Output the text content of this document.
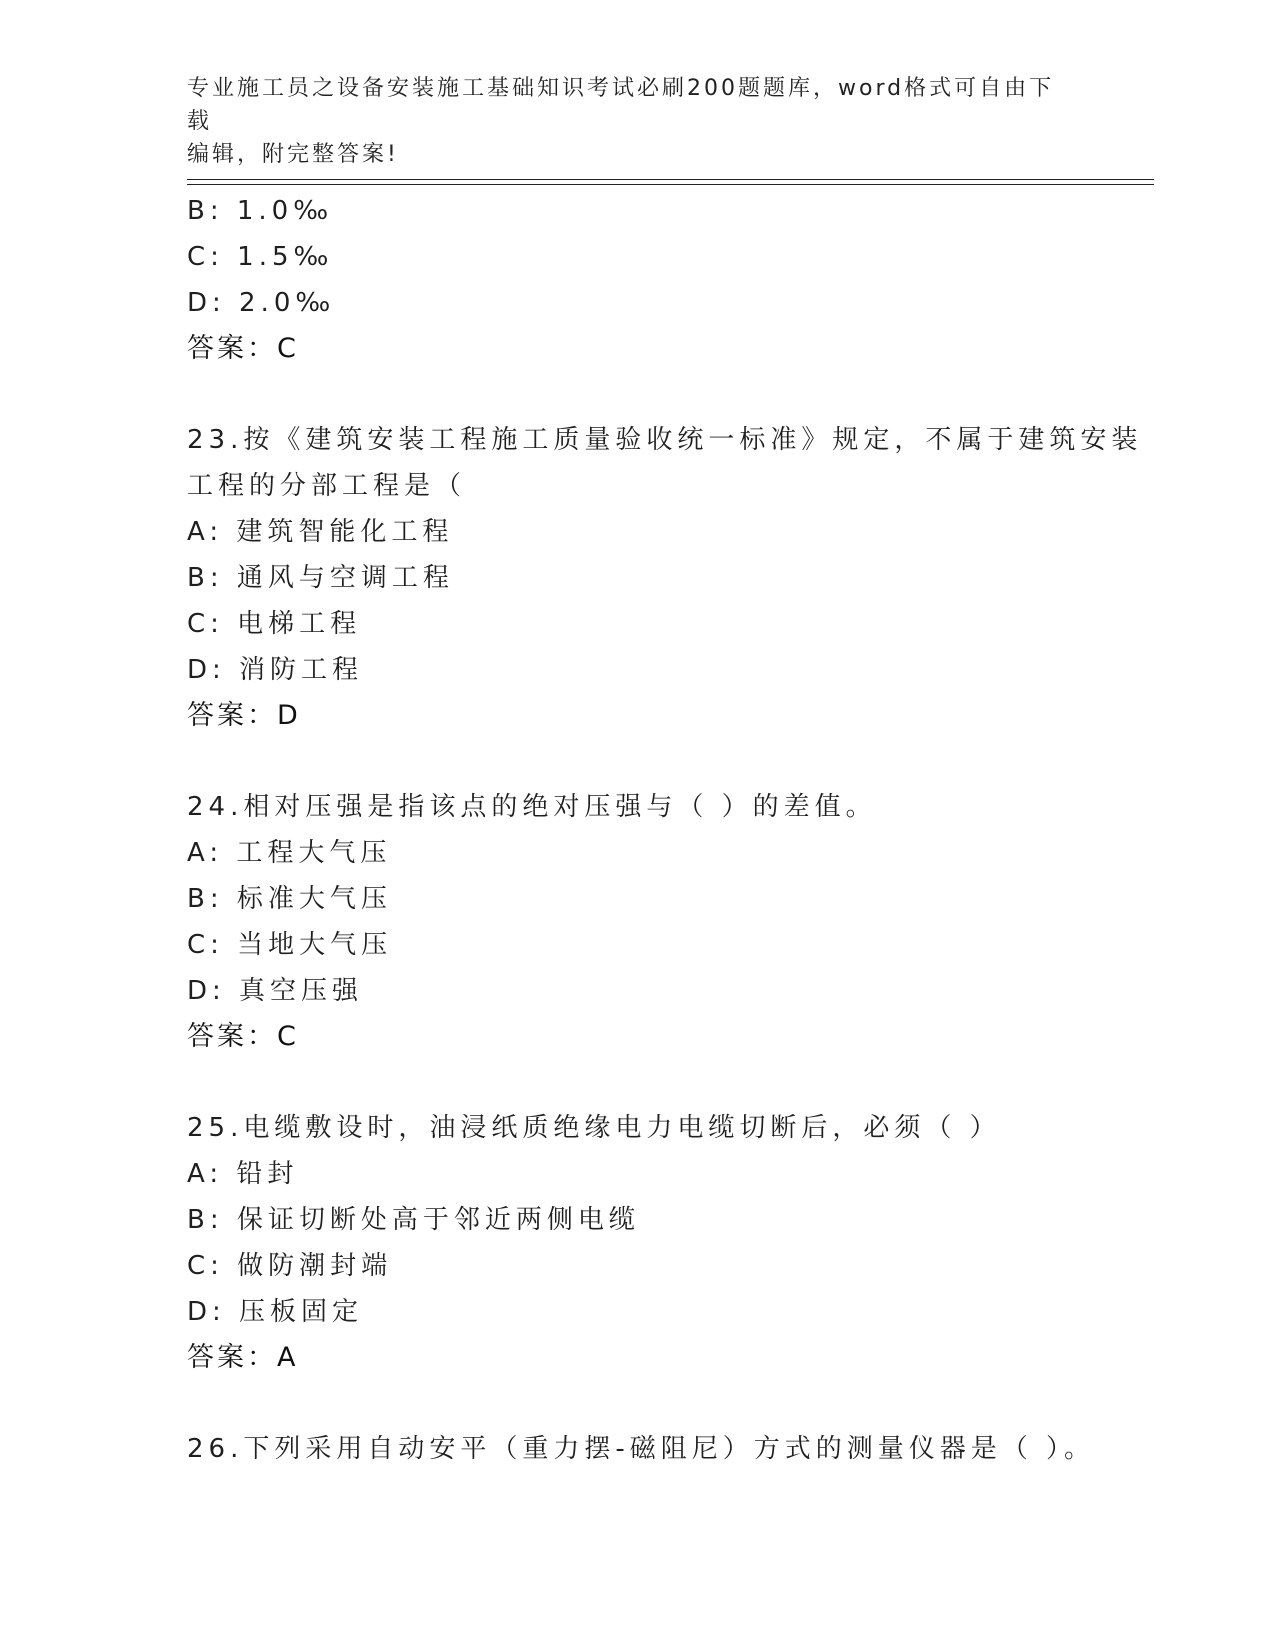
专业施工员之设备安装施工基础知识考试必刷200题题库，word格式可自由下载
编辑，附完整答案!
B: 1.0‰
C: 1.5‰
D: 2.0‰
答案：C
23.按《建筑安装工程施工质量验收统一标准》规定，不属于建筑安装
工程的分部工程是（
A: 建筑智能化工程
B: 通风与空调工程
C: 电梯工程
D: 消防工程
答案：D
24.相对压强是指该点的绝对压强与（ ）的差值。
A: 工程大气压
B: 标准大气压
C: 当地大气压
D: 真空压强
答案：C
25.电缆敷设时，油浸纸质绝缘电力电缆切断后，必须（ ）
A: 铅封
B: 保证切断处高于邻近两侧电缆
C: 做防潮封端
D: 压板固定
答案：A
26.下列采用自动安平（重力摆-磁阻尼）方式的测量仪器是（ ）。
